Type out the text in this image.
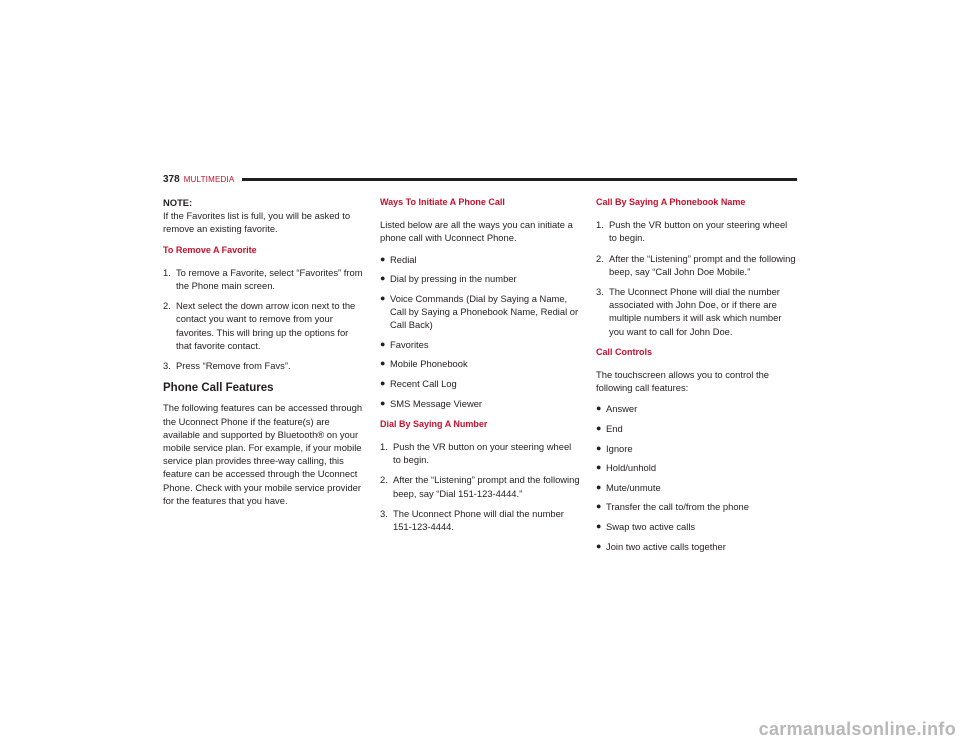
378 MULTIMEDIA

NOTE:
If the Favorites list is full, you will be asked to remove an existing favorite.

To Remove A Favorite
1. To remove a Favorite, select “Favorites” from the Phone main screen.
2. Next select the down arrow icon next to the contact you want to remove from your favorites. This will bring up the options for that favorite contact.
3. Press “Remove from Favs”.
Phone Call Features

The following features can be accessed through the Uconnect Phone if the feature(s) are available and supported by Bluetooth® on your mobile service plan. For example, if your mobile service plan provides three-way calling, this feature can be accessed through the Uconnect Phone. Check with your mobile service provider for the features that you have.

Ways To Initiate A Phone Call

Listed below are all the ways you can initiate a phone call with Uconnect Phone.

● Redial
● Dial by pressing in the number
● Voice Commands (Dial by Saying a Name, Call by Saying a Phonebook Name, Redial or Call Back)
● Favorites
● Mobile Phonebook
● Recent Call Log
● SMS Message Viewer
Dial By Saying A Number
1. Push the VR button on your steering wheel to begin.
2. After the “Listening” prompt and the following beep, say “Dial 151-123-4444.”
3. The Uconnect Phone will dial the number 151-123-4444.
Call By Saying A Phonebook Name
1. Push the VR button on your steering wheel to begin.
2. After the “Listening” prompt and the following beep, say “Call John Doe Mobile.”
3. The Uconnect Phone will dial the number associated with John Doe, or if there are multiple numbers it will ask which number you want to call for John Doe.
Call Controls

The touchscreen allows you to control the following call features:

● Answer
● End
● Ignore
● Hold/unhold
● Mute/unmute
● Transfer the call to/from the phone
● Swap two active calls
● Join two active calls together
carmanualsonline.info
